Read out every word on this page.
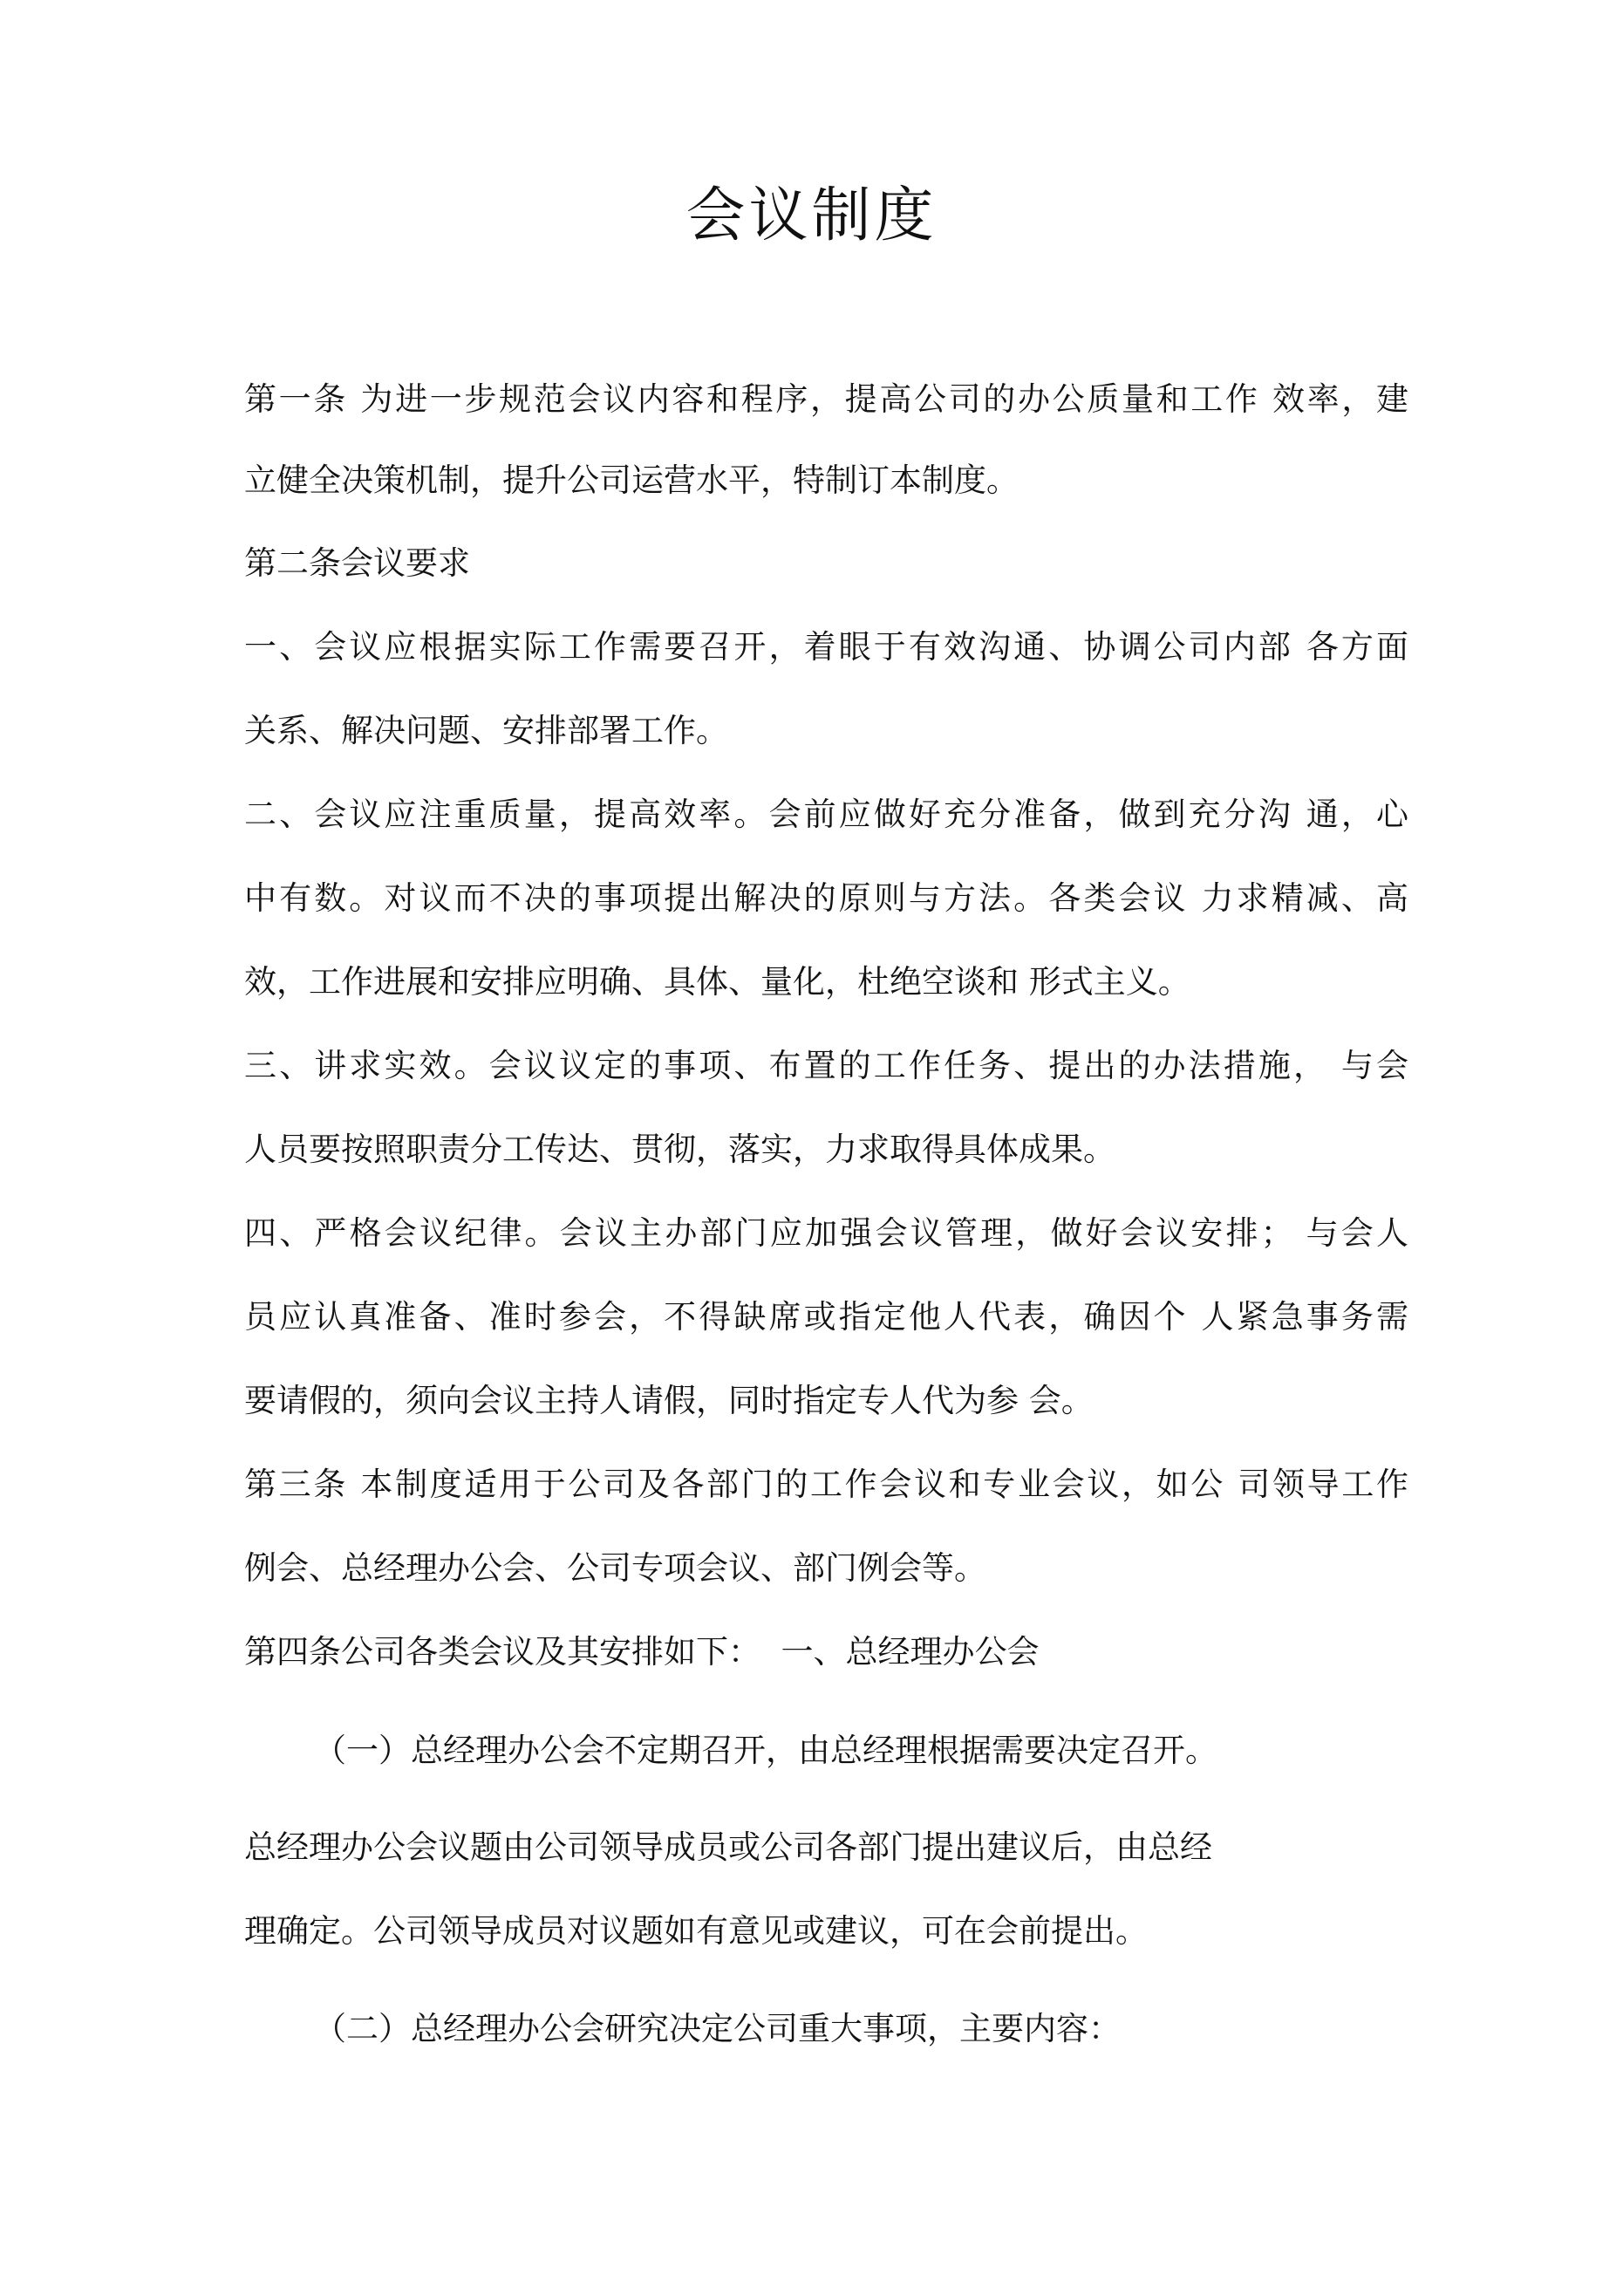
会议制度

第一条 为进一步规范会议内容和程序，提高公司的办公质量和工作 效率，建

立健全决策机制，提升公司运营水平，特制订本制度。

第二条会议要求

一、会议应根据实际工作需要召开，着眼于有效沟通、协调公司内部 各方面

关系、解决问题、安排部署工作。

二、会议应注重质量，提高效率。会前应做好充分准备，做到充分沟 通，心

中有数。对议而不决的事项提出解决的原则与方法。各类会议 力求精减、高

效，工作进展和安排应明确、具体、量化，杜绝空谈和 形式主义。

三、讲求实效。会议议定的事项、布置的工作任务、提出的办法措施， 与会

人员要按照职责分工传达、贯彻，落实，力求取得具体成果。

四、严格会议纪律。会议主办部门应加强会议管理，做好会议安排； 与会人

员应认真准备、准时参会，不得缺席或指定他人代表，确因个 人紧急事务需

要请假的，须向会议主持人请假，同时指定专人代为参 会。

第三条 本制度适用于公司及各部门的工作会议和专业会议，如公 司领导工作

例会、总经理办公会、公司专项会议、部门例会等。

第四条公司各类会议及其安排如下：  一、总经理办公会

（一）总经理办公会不定期召开，由总经理根据需要决定召开。

总经理办公会议题由公司领导成员或公司各部门提出建议后，由总经

理确定。公司领导成员对议题如有意见或建议，可在会前提出。

（二）总经理办公会研究决定公司重大事项，主要内容：
